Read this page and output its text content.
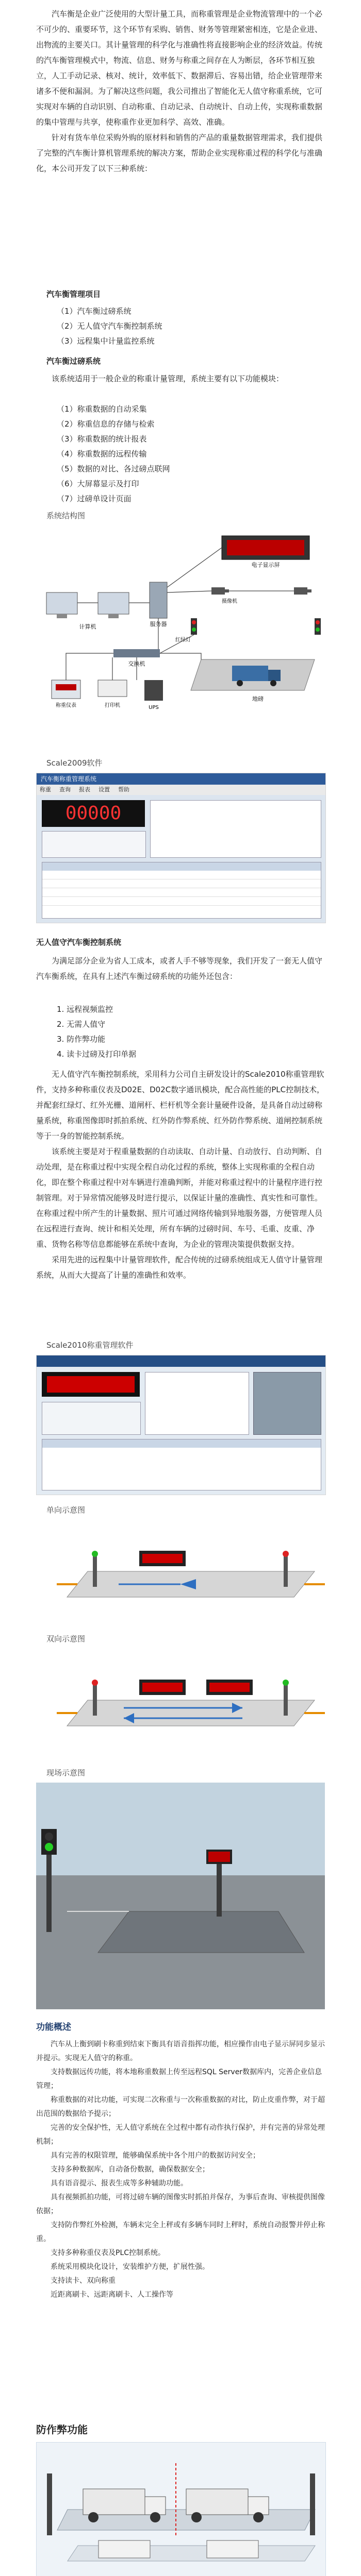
汽车衡是企业广泛使用的大型计量工具，而称重管理是企业物流管理中的一个必不可少的、重要环节，这个环节有采购、销售、财务等管理紧密相连，它是企业进、出物流的主要关口。其计量管理的科学化与准确性将直接影响企业的经济效益。传统的汽车衡管理模式中，物流、信息、财务与称重之间存在人为断层，各环节相互独立，人工手动记录、核对、统计，效率低下、数据滞后、容易出错，给企业管理带来诸多不便和漏洞。为了解决这些问题，我公司推出了智能化无人值守称重系统，它可实现对车辆的自动识别、自动称重、自动记录、自动统计、自动上传，实现称重数据的集中管理与共享，使称重作业更加科学、高效、准确。

针对有货车单位采购外购的原材料和销售的产品的重量数据管理需求，我们提供了完整的汽车衡计算机管理系统的解决方案，帮助企业实现称重过程的科学化与准确化，本公司开发了以下三种系统：

汽车衡管理项目
（1）汽车衡过磅系统
（2）无人值守汽车衡控制系统
（3）远程集中计量监控系统
汽车衡过磅系统

该系统适用于一般企业的称重计量管理，系统主要有以下功能模块：

（1）称重数据的自动采集
（2）称重信息的存储与检索
（3）称重数据的统计报表
（4）称重数据的远程传输
（5）数据的对比、各过磅点联网
（6）大屏幕显示及打印
（7）过磅单设计页面
系统结构图
电子显示屏
摄像机
红绿灯
地磅
计算机	服务器
交换机
称重仪表	打印机	UPS
Scale2009软件
汽车衡称重管理系统
称重 查询 报表 设置 帮助
00000
无人值守汽车衡控制系统

为满足部分企业为省人工成本，或者人手不够等现象，我们开发了一套无人值守汽车衡系统，在具有上述汽车衡过磅系统的功能外还包含：

1. 远程视频监控
2. 无需人值守
3. 防作弊功能
4. 读卡过磅及打印单据

无人值守汽车衡控制系统，采用科力公司自主研发设计的Scale2010称重管理软件，支持多种称重仪表及D02E、D02C数字通讯模块，配合高性能的PLC控制技术，并配套红绿灯、红外光栅、道闸杆、栏杆机等全套计量硬件设备，是具备自动过磅称量系统，称重图像即时抓拍系统、红外防作弊系统、红外防作弊系统、道闸控制系统等于一身的智能控制系统。

该系统主要是对于程重量数据的自动读取、自动计量、自动放行、自动判断、自动处理，是在称重过程中实现全程自动化过程的系统，整体上实现称重的全程自动化，即在整个称重过程中对车辆进行准确判断，并能对称重过程中的计量程序进行控制管理。对于异常情况能够及时进行提示，以保证计量的准确性、真实性和可靠性。在称重过程中所产生的计量数据、照片可通过网络传输到异地服务器，方便管理人员在远程进行查询、统计和相关处理，所有车辆的过磅时间、车号、毛重、皮重、净重、货物名称等信息都能够在系统中查询，为企业的管理决策提供数据支持。

采用先进的远程集中计量管理软件，配合传统的过磅系统组成无人值守计量管理系统，从而大大提高了计量的准确性和效率。

Scale2010称重管理软件
单向示意图
双向示意图
现场示意图
功能概述

汽车从上衡到刷卡称重到结束下衡具有语音指挥功能，相应操作由电子显示屏同步显示并提示。实现无人值守的称重。

支持数据远传功能，将本地称重数据上传至远程SQL Server数据库内，完善企业信息管理；

称重数据的对比功能，可实现二次称重与一次称重数据的对比，防止皮重作弊，对于超出范围的数据给予提示；

完善的安全保护性，无人值守系统在全过程中都有动作执行保护，并有完善的异常处理机制；

具有完善的权限管理，能够确保系统中各个用户的数据访问安全；

支持多种数据库，自动备份数据，确保数据安全；

具有语音提示、报表生成等多种辅助功能。

具有视频抓拍功能，可将过磅车辆的图像实时抓拍并保存，为事后查询、审核提供图像依据；

支持防作弊红外检测，车辆未完全上秤或有多辆车同时上秤时，系统自动报警并停止称重。

支持多种称重仪表及PLC控制系统。

系统采用模块化设计，安装维护方便，扩展性强。

支持读卡、双向称重

近距离刷卡、远距离刷卡、人工操作等

防作弊功能
